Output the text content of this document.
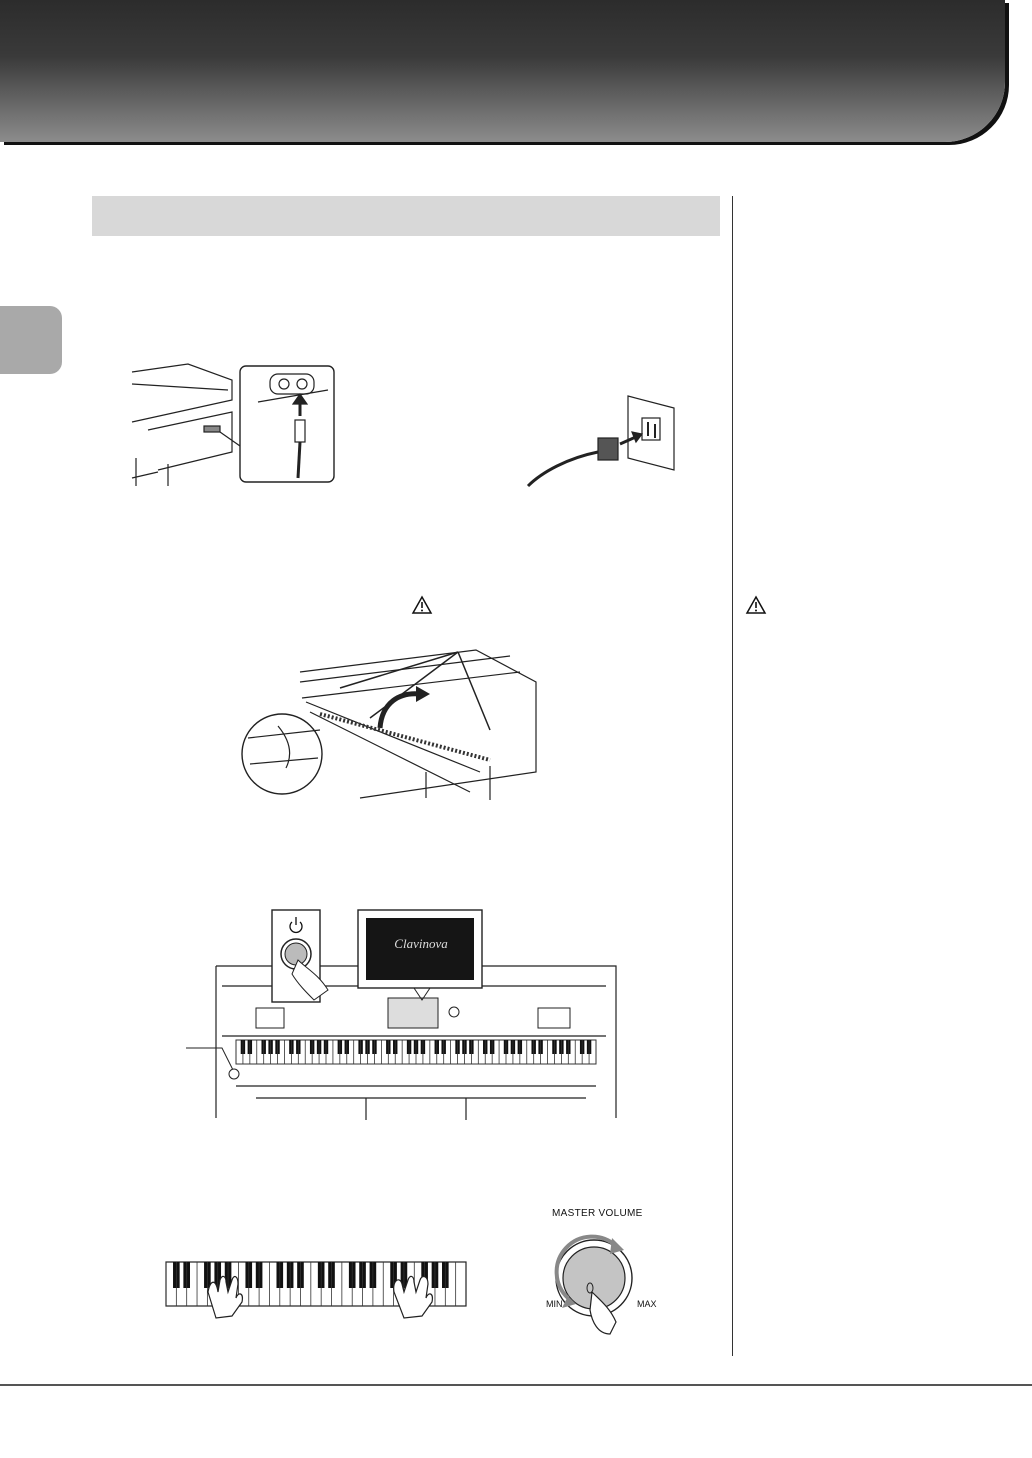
Clavinova
MASTER VOLUME
MIN	MAX
